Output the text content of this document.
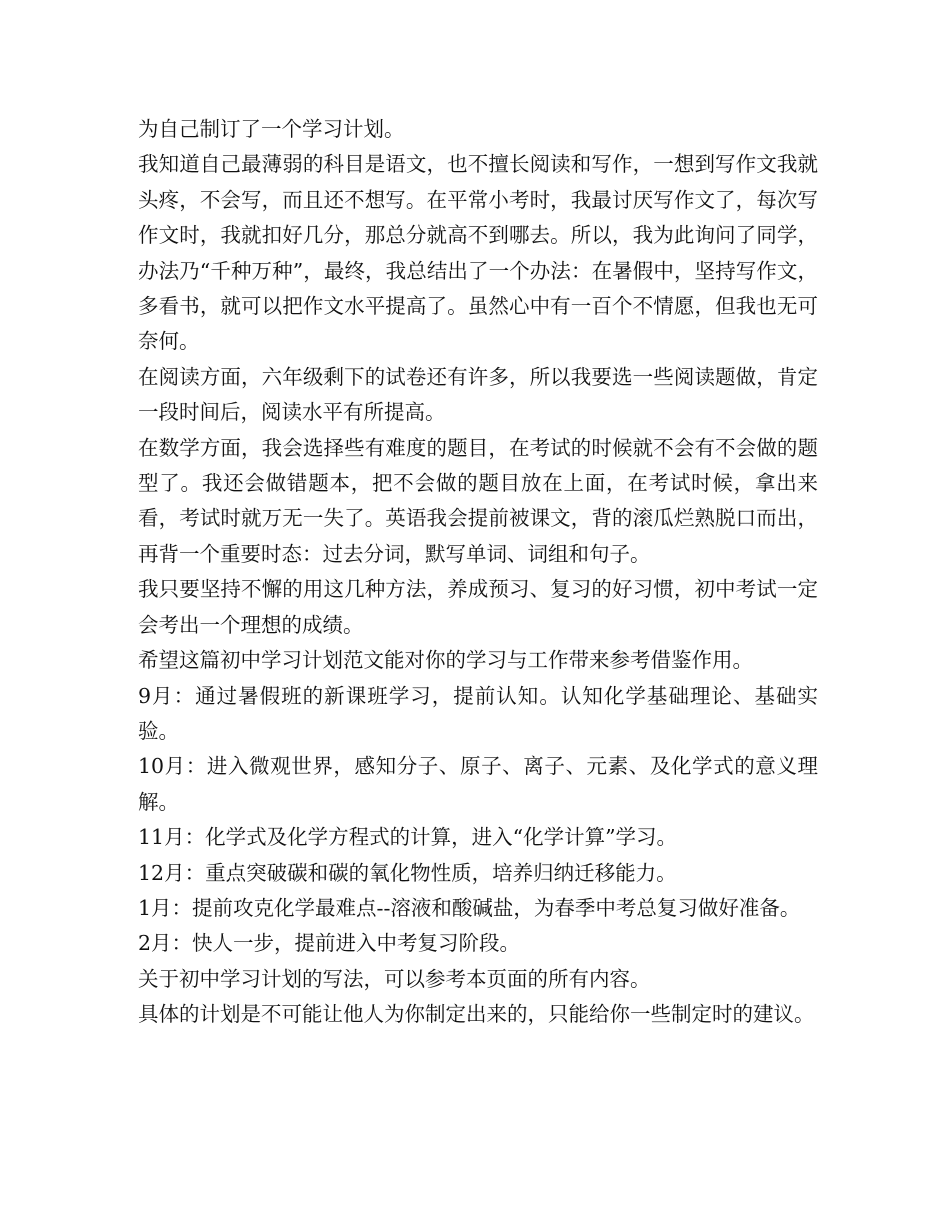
为自己制订了一个学习计划。

我知道自己最薄弱的科目是语文，也不擅长阅读和写作，一想到写作文我就头疼，不会写，而且还不想写。在平常小考时，我最讨厌写作文了，每次写作文时，我就扣好几分，那总分就高不到哪去。所以，我为此询问了同学，办法乃“千种万种”，最终，我总结出了一个办法：在暑假中，坚持写作文，多看书，就可以把作文水平提高了。虽然心中有一百个不情愿，但我也无可奈何。

在阅读方面，六年级剩下的试卷还有许多，所以我要选一些阅读题做，肯定一段时间后，阅读水平有所提高。

在数学方面，我会选择些有难度的题目，在考试的时候就不会有不会做的题型了。我还会做错题本，把不会做的题目放在上面，在考试时候，拿出来看，考试时就万无一失了。英语我会提前被课文，背的滚瓜烂熟脱口而出，再背一个重要时态：过去分词，默写单词、词组和句子。

我只要坚持不懈的用这几种方法，养成预习、复习的好习惯，初中考试一定会考出一个理想的成绩。

希望这篇初中学习计划范文能对你的学习与工作带来参考借鉴作用。

9月：通过暑假班的新课班学习，提前认知。认知化学基础理论、基础实验。

10月：进入微观世界，感知分子、原子、离子、元素、及化学式的意义理解。

11月：化学式及化学方程式的计算，进入“化学计算”学习。

12月：重点突破碳和碳的氧化物性质，培养归纳迁移能力。

1月：提前攻克化学最难点--溶液和酸碱盐，为春季中考总复习做好准备。

2月：快人一步，提前进入中考复习阶段。

关于初中学习计划的写法，可以参考本页面的所有内容。

具体的计划是不可能让他人为你制定出来的，只能给你一些制定时的建议。
